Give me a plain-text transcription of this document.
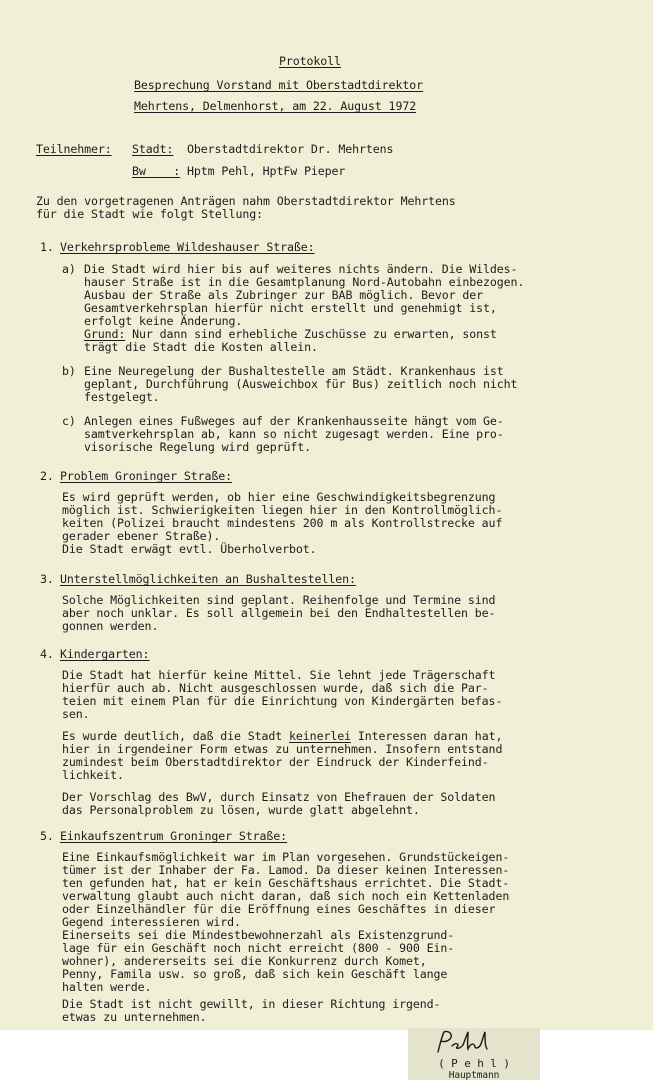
Protokoll
Besprechung Vorstand mit Oberstadtdirektor
Mehrtens, Delmenhorst, am 22. August 1972
Teilnehmer: Stadt: Oberstadtdirektor Dr. Mehrtens
Bw    : Hptm Pehl, HptFw Pieper
Zu den vorgetragenen Anträgen nahm Oberstadtdirektor Mehrtens
für die Stadt wie folgt Stellung:
1. Verkehrsprobleme Wildeshauser Straße:
a) Die Stadt wird hier bis auf weiteres nichts ändern. Die Wildes-
hauser Straße ist in die Gesamtplanung Nord-Autobahn einbezogen.
Ausbau der Straße als Zubringer zur BAB möglich. Bevor der
Gesamtverkehrsplan hierfür nicht erstellt und genehmigt ist,
erfolgt keine Änderung.
Grund: Nur dann sind erhebliche Zuschüsse zu erwarten, sonst
trägt die Stadt die Kosten allein.
b) Eine Neuregelung der Bushaltestelle am Städt. Krankenhaus ist
geplant, Durchführung (Ausweichbox für Bus) zeitlich noch nicht
festgelegt.
c) Anlegen eines Fußweges auf der Krankenhausseite hängt vom Ge-
samtverkehrsplan ab, kann so nicht zugesagt werden. Eine pro-
visorische Regelung wird geprüft.
2. Problem Groninger Straße:
Es wird geprüft werden, ob hier eine Geschwindigkeitsbegrenzung
möglich ist. Schwierigkeiten liegen hier in den Kontrollmöglich-
keiten (Polizei braucht mindestens 200 m als Kontrollstrecke auf
gerader ebener Straße).
Die Stadt erwägt evtl. Überholverbot.
3. Unterstellmöglichkeiten an Bushaltestellen:
Solche Möglichkeiten sind geplant. Reihenfolge und Termine sind
aber noch unklar. Es soll allgemein bei den Endhaltestellen be-
gonnen werden.
4. Kindergarten:
Die Stadt hat hierfür keine Mittel. Sie lehnt jede Trägerschaft
hierfür auch ab. Nicht ausgeschlossen wurde, daß sich die Par-
teien mit einem Plan für die Einrichtung von Kindergärten befas-
sen.
Es wurde deutlich, daß die Stadt keinerlei Interessen daran hat,
hier in irgendeiner Form etwas zu unternehmen. Insofern entstand
zumindest beim Oberstadtdirektor der Eindruck der Kinderfeind-
lichkeit.
Der Vorschlag des BwV, durch Einsatz von Ehefrauen der Soldaten
das Personalproblem zu lösen, wurde glatt abgelehnt.
5. Einkaufszentrum Groninger Straße:
Eine Einkaufsmöglichkeit war im Plan vorgesehen. Grundstückeigen-
tümer ist der Inhaber der Fa. Lamod. Da dieser keinen Interessen-
ten gefunden hat, hat er kein Geschäftshaus errichtet. Die Stadt-
verwaltung glaubt auch nicht daran, daß sich noch ein Kettenladen
oder Einzelhändler für die Eröffnung eines Geschäftes in dieser
Gegend interessieren wird.
Einerseits sei die Mindestbewohnerzahl als Existenzgrund-
lage für ein Geschäft noch nicht erreicht (800 - 900 Ein-
wohner), andererseits sei die Konkurrenz durch Komet,
Penny, Famila usw. so groß, daß sich kein Geschäft lange
halten werde.
Die Stadt ist nicht gewillt, in dieser Richtung irgend-
etwas zu unternehmen.
( P e h l )
Hauptmann
